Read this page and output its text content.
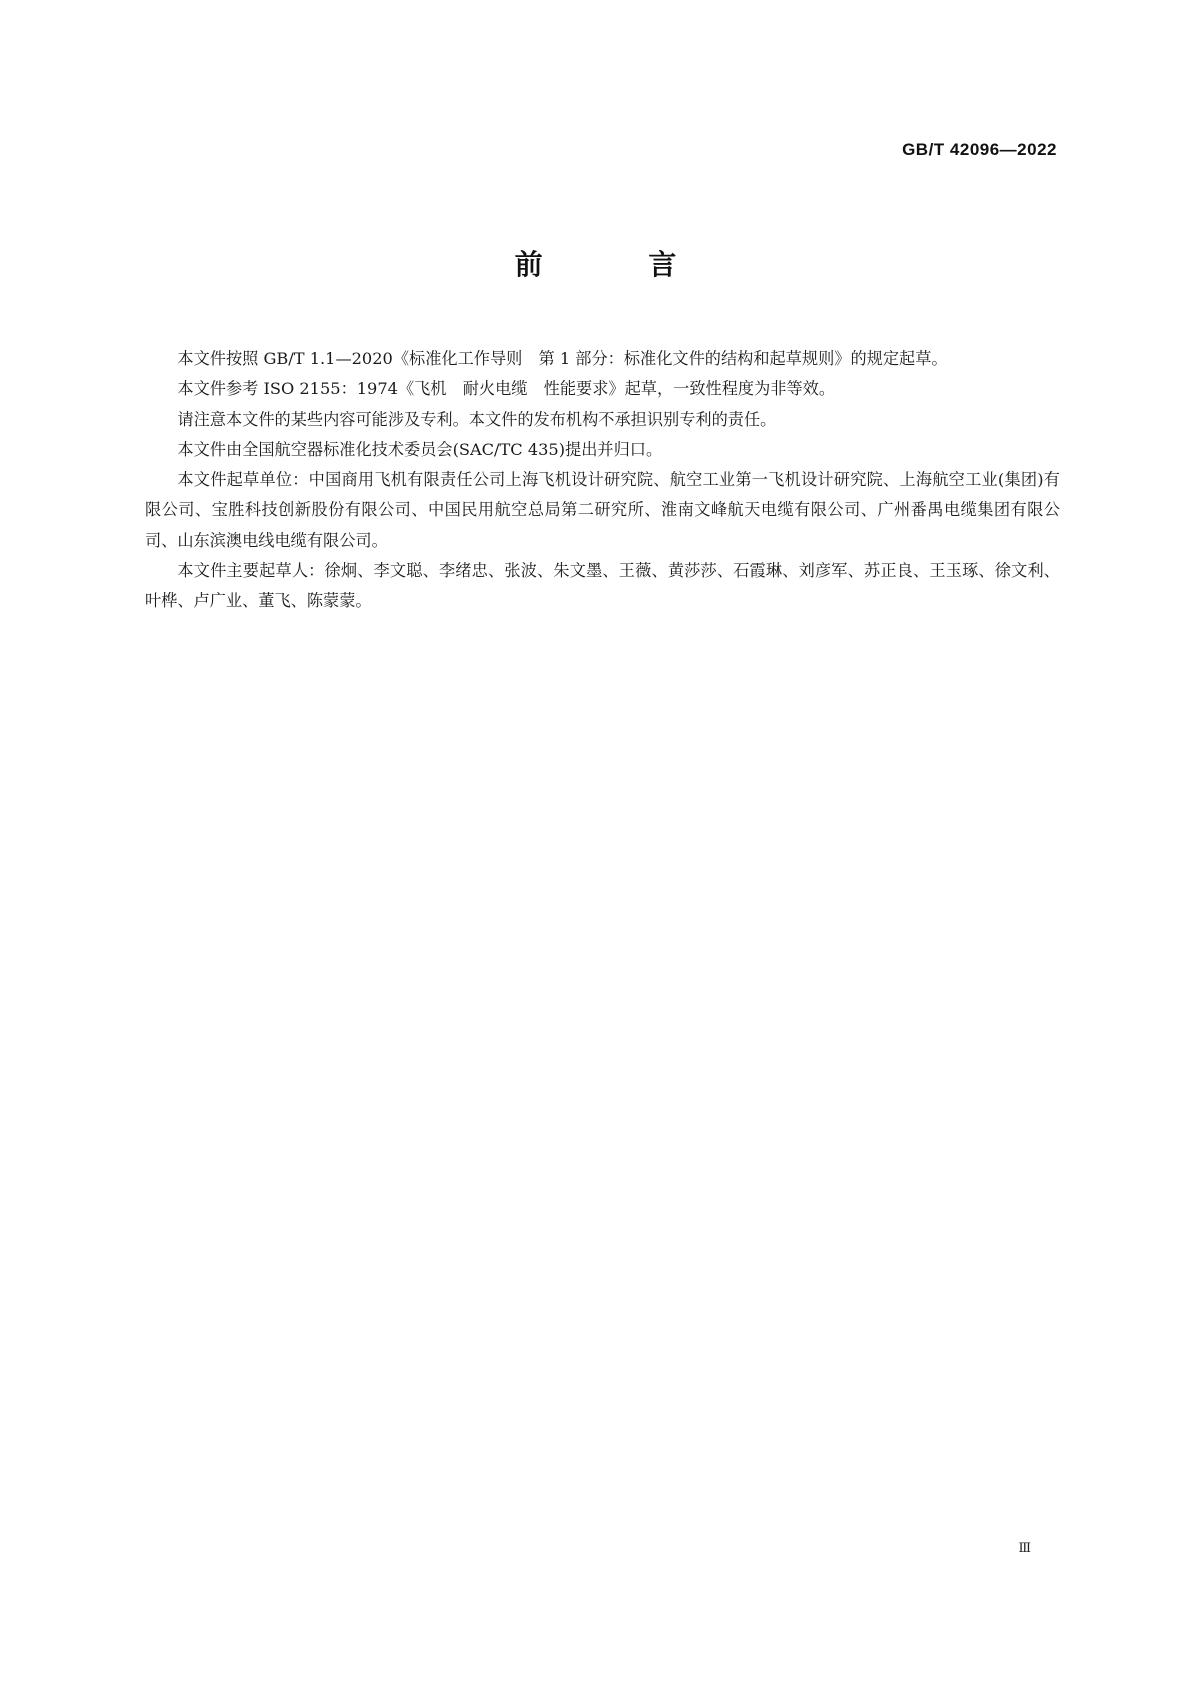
GB/T 42096—2022
前 言

本文件按照 GB/T 1.1—2020《标准化工作导则　第 1 部分：标准化文件的结构和起草规则》的规定起草。

本文件参考 ISO 2155：1974《飞机　耐火电缆　性能要求》起草，一致性程度为非等效。

请注意本文件的某些内容可能涉及专利。本文件的发布机构不承担识别专利的责任。

本文件由全国航空器标准化技术委员会(SAC/TC 435)提出并归口。

本文件起草单位：中国商用飞机有限责任公司上海飞机设计研究院、航空工业第一飞机设计研究院、上海航空工业(集团)有限公司、宝胜科技创新股份有限公司、中国民用航空总局第二研究所、淮南文峰航天电缆有限公司、广州番禺电缆集团有限公司、山东滨澳电线电缆有限公司。

本文件主要起草人：徐炯、李文聪、李绪忠、张波、朱文墨、王薇、黄莎莎、石霞琳、刘彦军、苏正良、王玉琢、徐文利、叶桦、卢广业、董飞、陈蒙蒙。

Ⅲ
